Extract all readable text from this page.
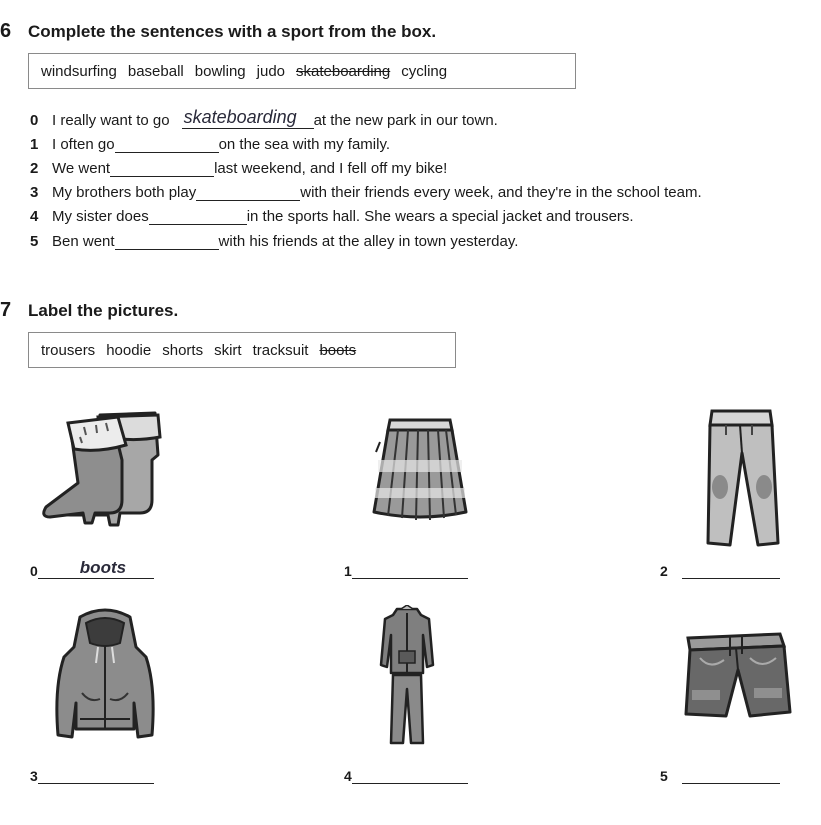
6 Complete the sentences with a sport from the box.
windsurfing baseball bowling judo skateboarding cycling
0 I really want to go skateboarding at the new park in our town.
1 I often go	on the sea with my family.
2 We went	last weekend, and I fell off my bike!
3 My brothers both play	with their friends every week, and they're in the school team.
4 My sister does	in the sports hall. She wears a special jacket and trousers.
5 Ben went	with his friends at the alley in town yesterday.
7 Label the pictures.
trousers hoodie shorts skirt tracksuit boots
0 boots	1	2
3	4	5
